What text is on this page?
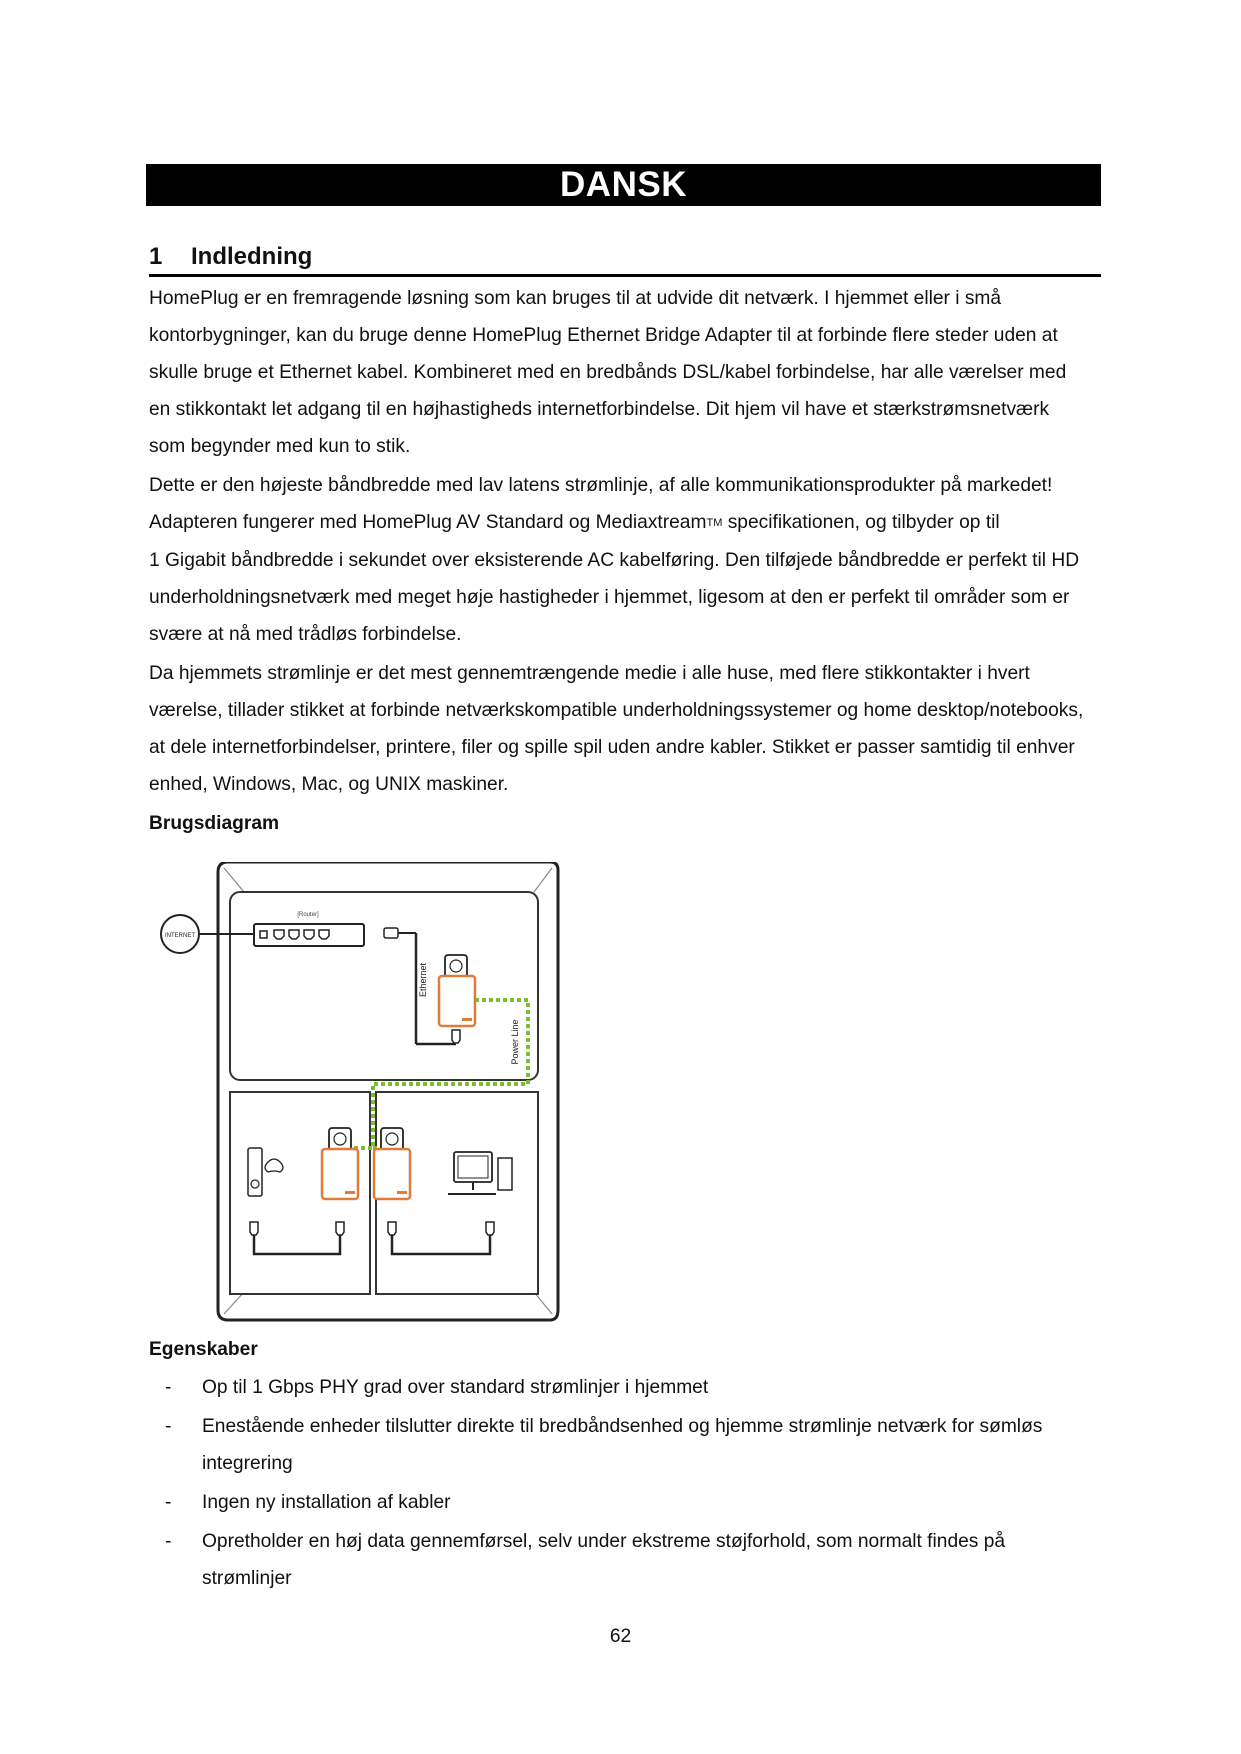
DANSK
1 Indledning

HomePlug er en fremragende løsning som kan bruges til at udvide dit netværk. I hjemmet eller i små
kontorbygninger, kan du bruge denne HomePlug Ethernet Bridge Adapter til at forbinde flere steder uden at
skulle bruge et Ethernet kabel. Kombineret med en bredbånds DSL/kabel forbindelse, har alle værelser med
en stikkontakt let adgang til en højhastigheds internetforbindelse. Dit hjem vil have et stærkstrømsnetværk
som begynder med kun to stik.

Dette er den højeste båndbredde med lav latens strømlinje, af alle kommunikationsprodukter på markedet!
Adapteren fungerer med HomePlug AV Standard og MediaxtreamTM specifikationen, og tilbyder op til
1 Gigabit båndbredde i sekundet over eksisterende AC kabelføring. Den tilføjede båndbredde er perfekt til HD
underholdningsnetværk med meget høje hastigheder i hjemmet, ligesom at den er perfekt til områder som er
svære at nå med trådløs forbindelse.

Da hjemmets strømlinje er det mest gennemtrængende medie i alle huse, med flere stikkontakter i hvert
værelse, tillader stikket at forbinde netværkskompatible underholdningssystemer og home desktop/notebooks,
at dele internetforbindelser, printere, filer og spille spil uden andre kabler. Stikket er passer samtidig til enhver
enhed, Windows, Mac, og UNIX maskiner.

Brugsdiagram

INTERNET
[Router]
Ethernet
Power Line
Egenskaber
- Op til 1 Gbps PHY grad over standard strømlinjer i hjemmet
- Enestående enheder tilslutter direkte til bredbåndsenhed og hjemme strømlinje netværk for sømløs
integrering
- Ingen ny installation af kabler
- Opretholder en høj data gennemførsel, selv under ekstreme støjforhold, som normalt findes på
strømlinjer
62
